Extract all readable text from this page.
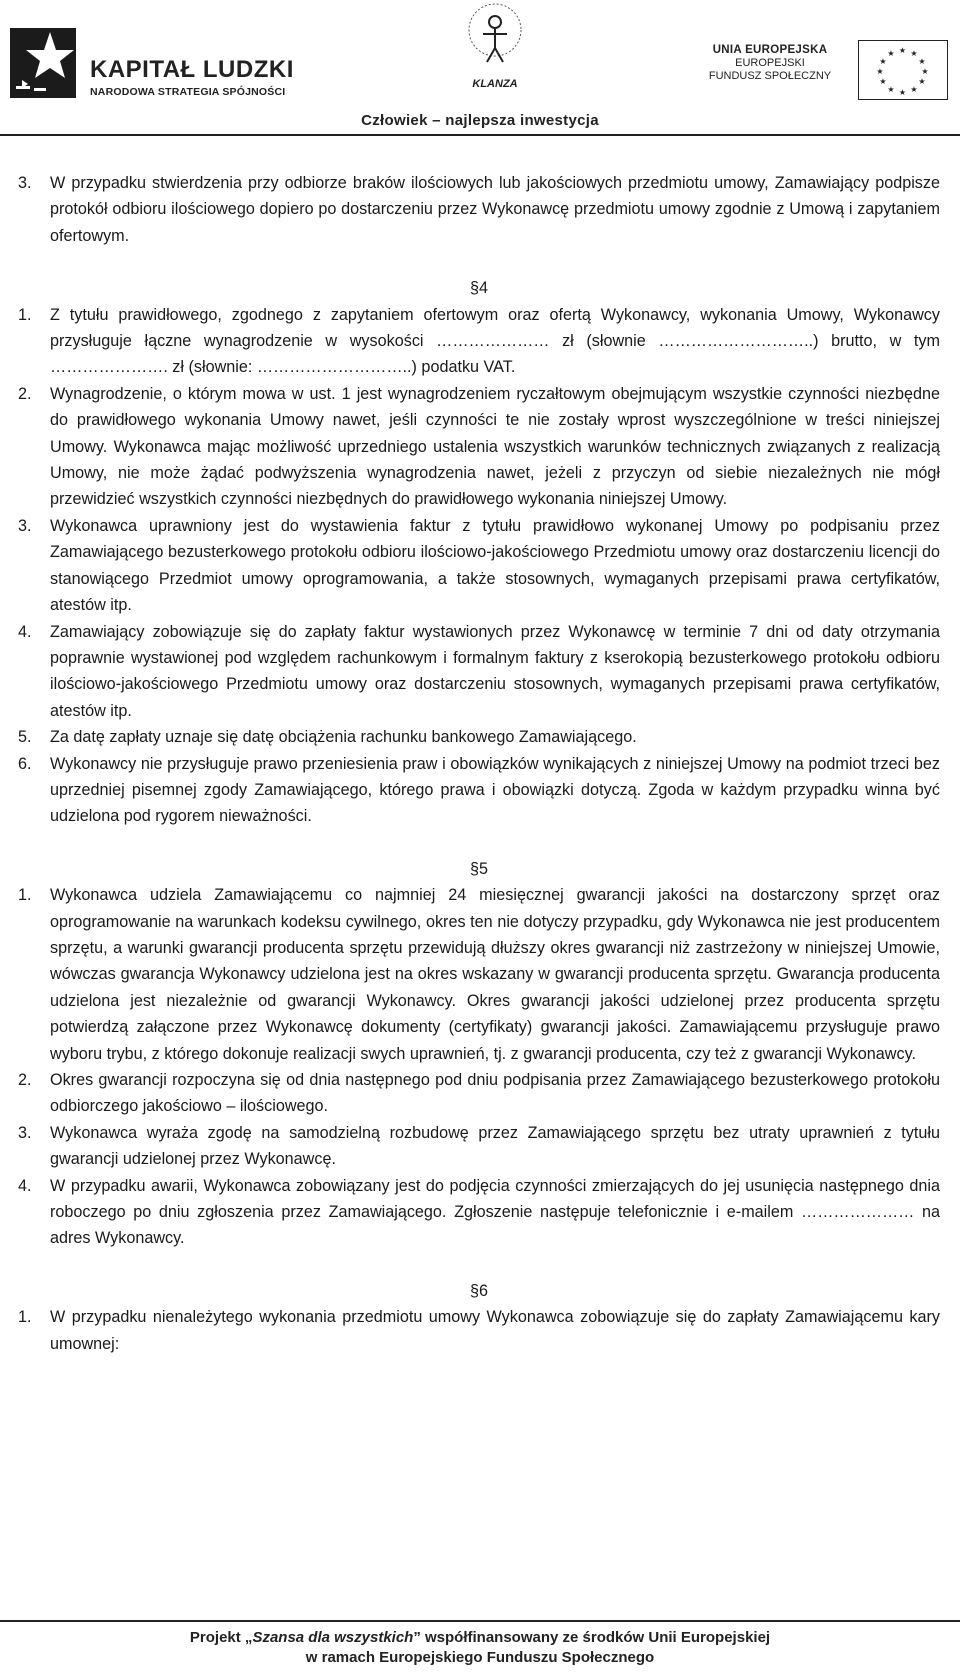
KAPITAŁ LUDZKI
NARODOWA STRATEGIA SPÓJNOŚCI
KLANZA
UNIA EUROPEJSKA
EUROPEJSKI
FUNDUSZ SPOŁECZNY
★ ★
★
★
★
★
★
★
★
★
★
★
Człowiek – najlepsza inwestycja
3. W przypadku stwierdzenia przy odbiorze braków ilościowych lub jakościowych przedmiotu umowy, Zamawiający podpisze protokół odbioru ilościowego dopiero po dostarczeniu przez Wykonawcę przedmiotu umowy zgodnie z Umową i zapytaniem ofertowym.
§4
1. Z tytułu prawidłowego, zgodnego z zapytaniem ofertowym oraz ofertą Wykonawcy, wykonania Umowy, Wykonawcy przysługuje łączne wynagrodzenie w wysokości ………………… zł (słownie ………………………..) brutto, w tym …………………. zł (słownie: ………………………..) podatku VAT.
2. Wynagrodzenie, o którym mowa w ust. 1 jest wynagrodzeniem ryczałtowym obejmującym wszystkie czynności niezbędne do prawidłowego wykonania Umowy nawet, jeśli czynności te nie zostały wprost wyszczególnione w treści niniejszej Umowy. Wykonawca mając możliwość uprzedniego ustalenia wszystkich warunków technicznych związanych z realizacją Umowy, nie może żądać podwyższenia wynagrodzenia nawet, jeżeli z przyczyn od siebie niezależnych nie mógł przewidzieć wszystkich czynności niezbędnych do prawidłowego wykonania niniejszej Umowy.
3. Wykonawca uprawniony jest do wystawienia faktur z tytułu prawidłowo wykonanej Umowy po podpisaniu przez Zamawiającego bezusterkowego protokołu odbioru ilościowo-jakościowego Przedmiotu umowy oraz dostarczeniu licencji do stanowiącego Przedmiot umowy oprogramowania, a także stosownych, wymaganych przepisami prawa certyfikatów, atestów itp.
4. Zamawiający zobowiązuje się do zapłaty faktur wystawionych przez Wykonawcę w terminie 7 dni od daty otrzymania poprawnie wystawionej pod względem rachunkowym i formalnym faktury z kserokopią bezusterkowego protokołu odbioru ilościowo-jakościowego Przedmiotu umowy oraz dostarczeniu stosownych, wymaganych przepisami prawa certyfikatów, atestów itp.
5. Za datę zapłaty uznaje się datę obciążenia rachunku bankowego Zamawiającego.
6. Wykonawcy nie przysługuje prawo przeniesienia praw i obowiązków wynikających z niniejszej Umowy na podmiot trzeci bez uprzedniej pisemnej zgody Zamawiającego, którego prawa i obowiązki dotyczą. Zgoda w każdym przypadku winna być udzielona pod rygorem nieważności.
§5
1. Wykonawca udziela Zamawiającemu co najmniej 24 miesięcznej gwarancji jakości na dostarczony sprzęt oraz oprogramowanie na warunkach kodeksu cywilnego, okres ten nie dotyczy przypadku, gdy Wykonawca nie jest producentem sprzętu, a warunki gwarancji producenta sprzętu przewidują dłuższy okres gwarancji niż zastrzeżony w niniejszej Umowie, wówczas gwarancja Wykonawcy udzielona jest na okres wskazany w gwarancji producenta sprzętu. Gwarancja producenta udzielona jest niezależnie od gwarancji Wykonawcy. Okres gwarancji jakości udzielonej przez producenta sprzętu potwierdzą załączone przez Wykonawcę dokumenty (certyfikaty) gwarancji jakości. Zamawiającemu przysługuje prawo wyboru trybu, z którego dokonuje realizacji swych uprawnień, tj. z gwarancji producenta, czy też z gwarancji Wykonawcy.
2. Okres gwarancji rozpoczyna się od dnia następnego pod dniu podpisania przez Zamawiającego bezusterkowego protokołu odbiorczego jakościowo – ilościowego.
3. Wykonawca wyraża zgodę na samodzielną rozbudowę przez Zamawiającego sprzętu bez utraty uprawnień z tytułu gwarancji udzielonej przez Wykonawcę.
4. W przypadku awarii, Wykonawca zobowiązany jest do podjęcia czynności zmierzających do jej usunięcia następnego dnia roboczego po dniu zgłoszenia przez Zamawiającego. Zgłoszenie następuje telefonicznie i e-mailem ………………… na adres Wykonawcy.
§6
1. W przypadku nienależytego wykonania przedmiotu umowy Wykonawca zobowiązuje się do zapłaty Zamawiającemu kary umownej:
Projekt „Szansa dla wszystkich” współfinansowany ze środków Unii Europejskiej
w ramach Europejskiego Funduszu Społecznego
